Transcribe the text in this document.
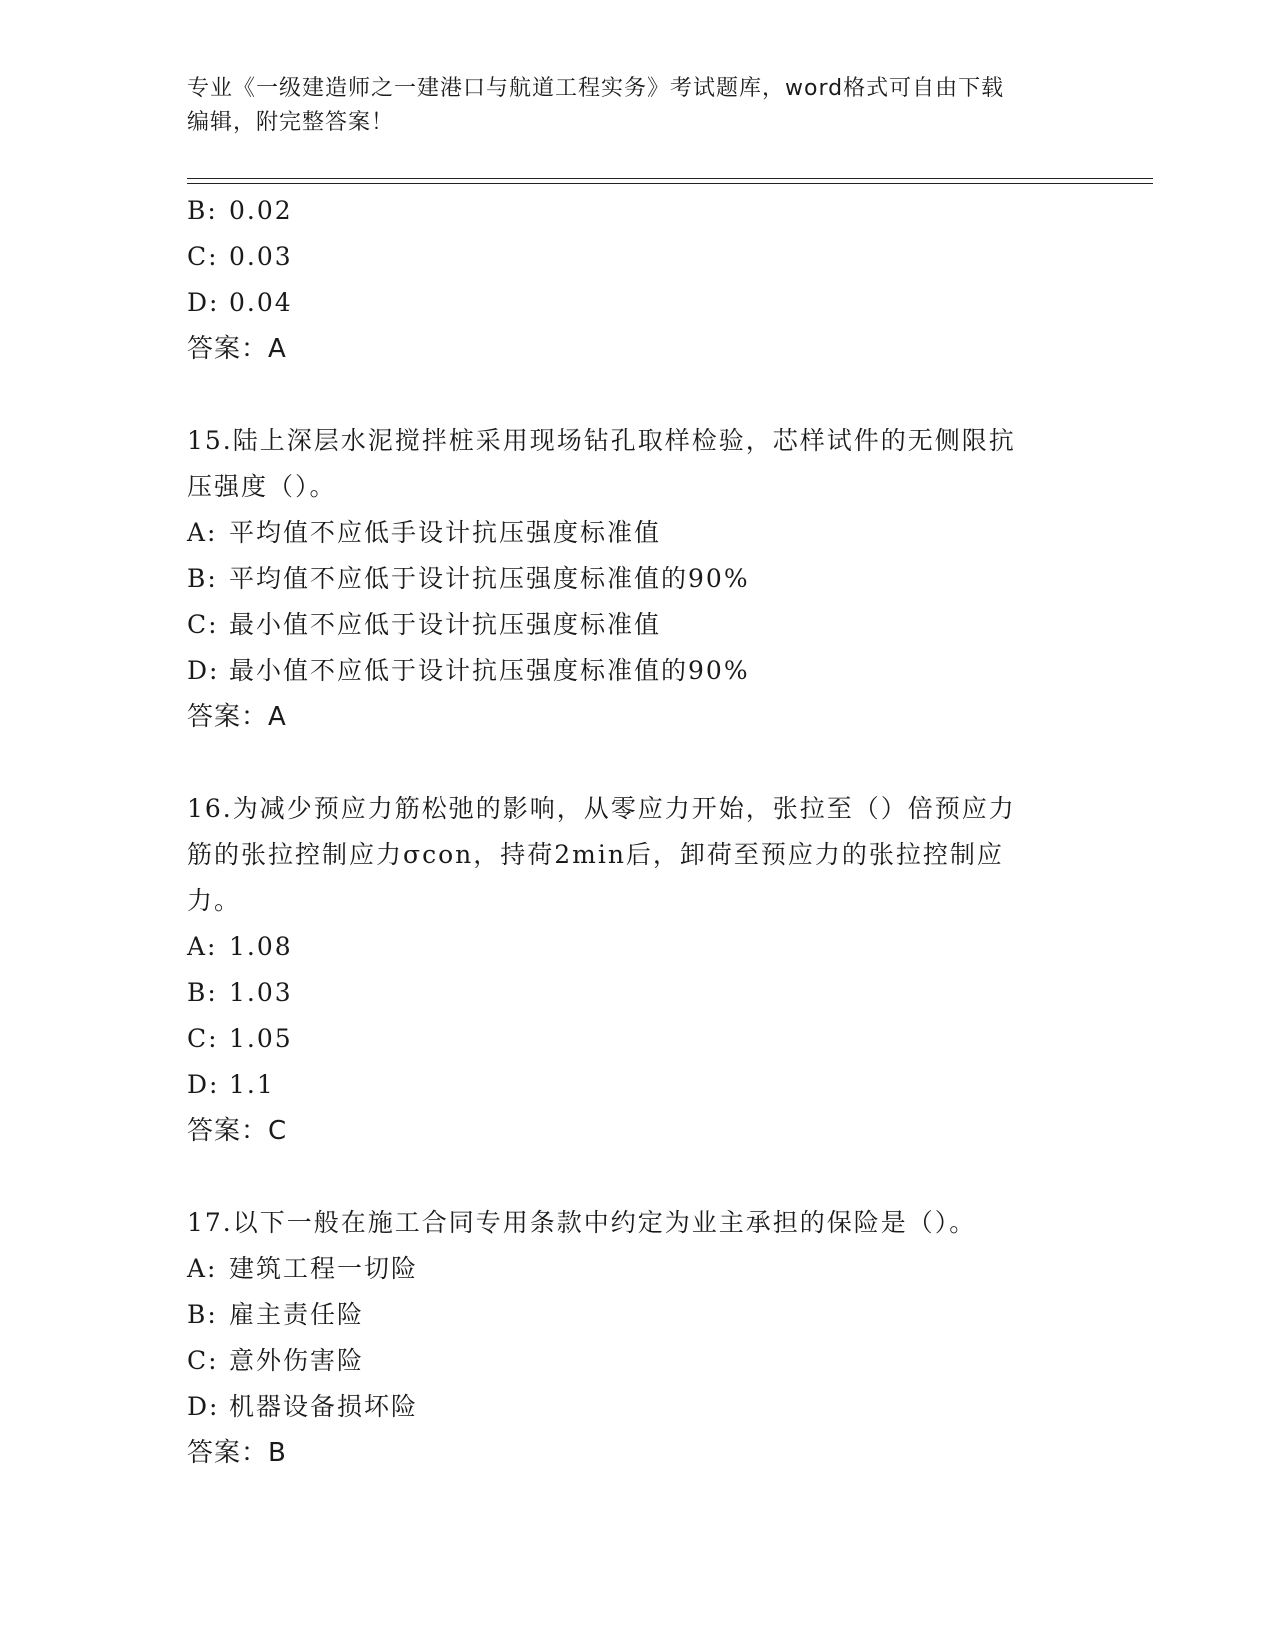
专业《一级建造师之一建港口与航道工程实务》考试题库，word格式可自由下载
编辑，附完整答案！
B: 0.02
C: 0.03
D: 0.04
答案：A
15.陆上深层水泥搅拌桩采用现场钻孔取样检验，芯样试件的无侧限抗
压强度（）。
A: 平均值不应低手设计抗压强度标准值
B: 平均值不应低于设计抗压强度标准值的90%
C: 最小值不应低于设计抗压强度标准值
D: 最小值不应低于设计抗压强度标准值的90%
答案：A
16.为减少预应力筋松弛的影响，从零应力开始，张拉至（）倍预应力
筋的张拉控制应力σcon，持荷2min后，卸荷至预应力的张拉控制应
力。
A: 1.08
B: 1.03
C: 1.05
D: 1.1
答案：C
17.以下一般在施工合同专用条款中约定为业主承担的保险是（）。
A: 建筑工程一切险
B: 雇主责任险
C: 意外伤害险
D: 机器设备损坏险
答案：B
